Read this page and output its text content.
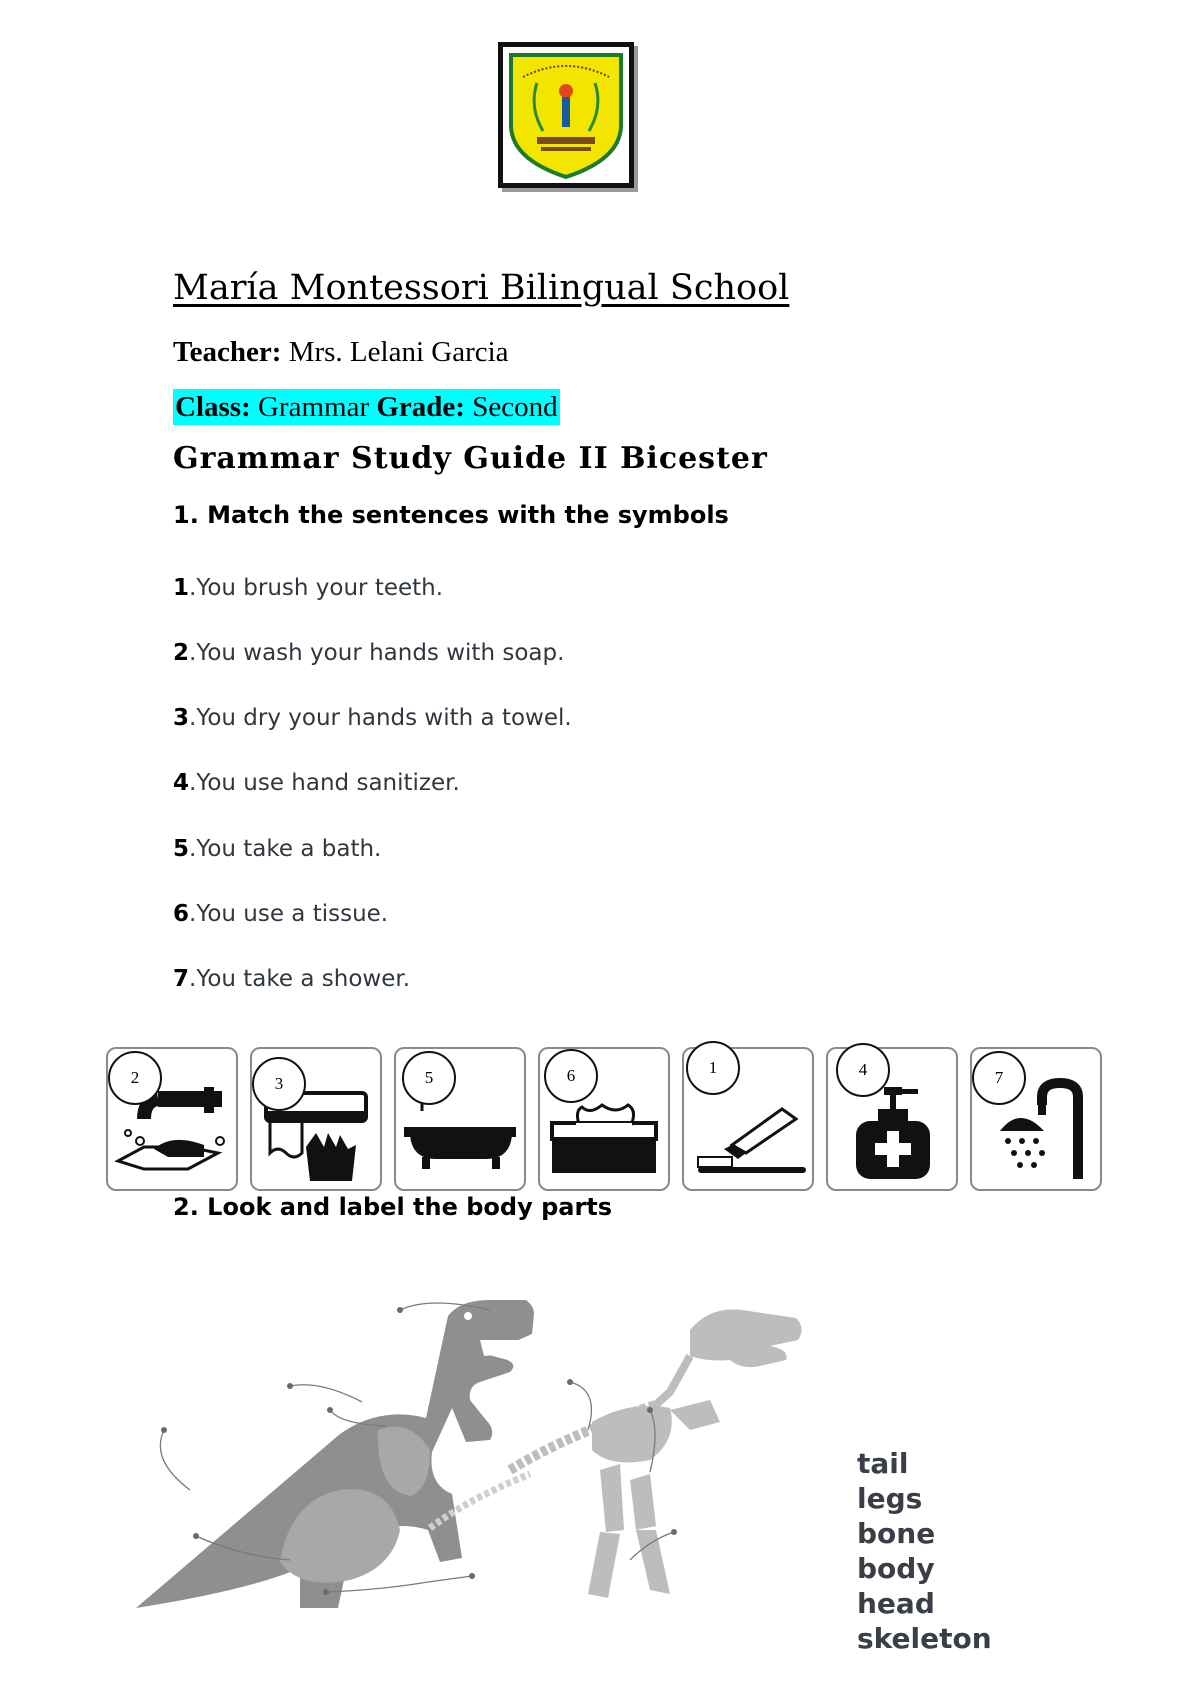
María Montessori Bilingual School
Teacher: Mrs. Lelani Garcia
Class: Grammar Grade: Second
Grammar Study Guide II Bicester
1. Match the sentences with the symbols
1.You brush your teeth.
2.You wash your hands with soap.
3.You dry your hands with a towel.
4.You use hand sanitizer.
5.You take a bath.
6.You use a tissue.
7.You take a shower.
2	3	5	6	1	4	7
2. Look and label the body parts
tail
legs
bone
body
head
skeleton
